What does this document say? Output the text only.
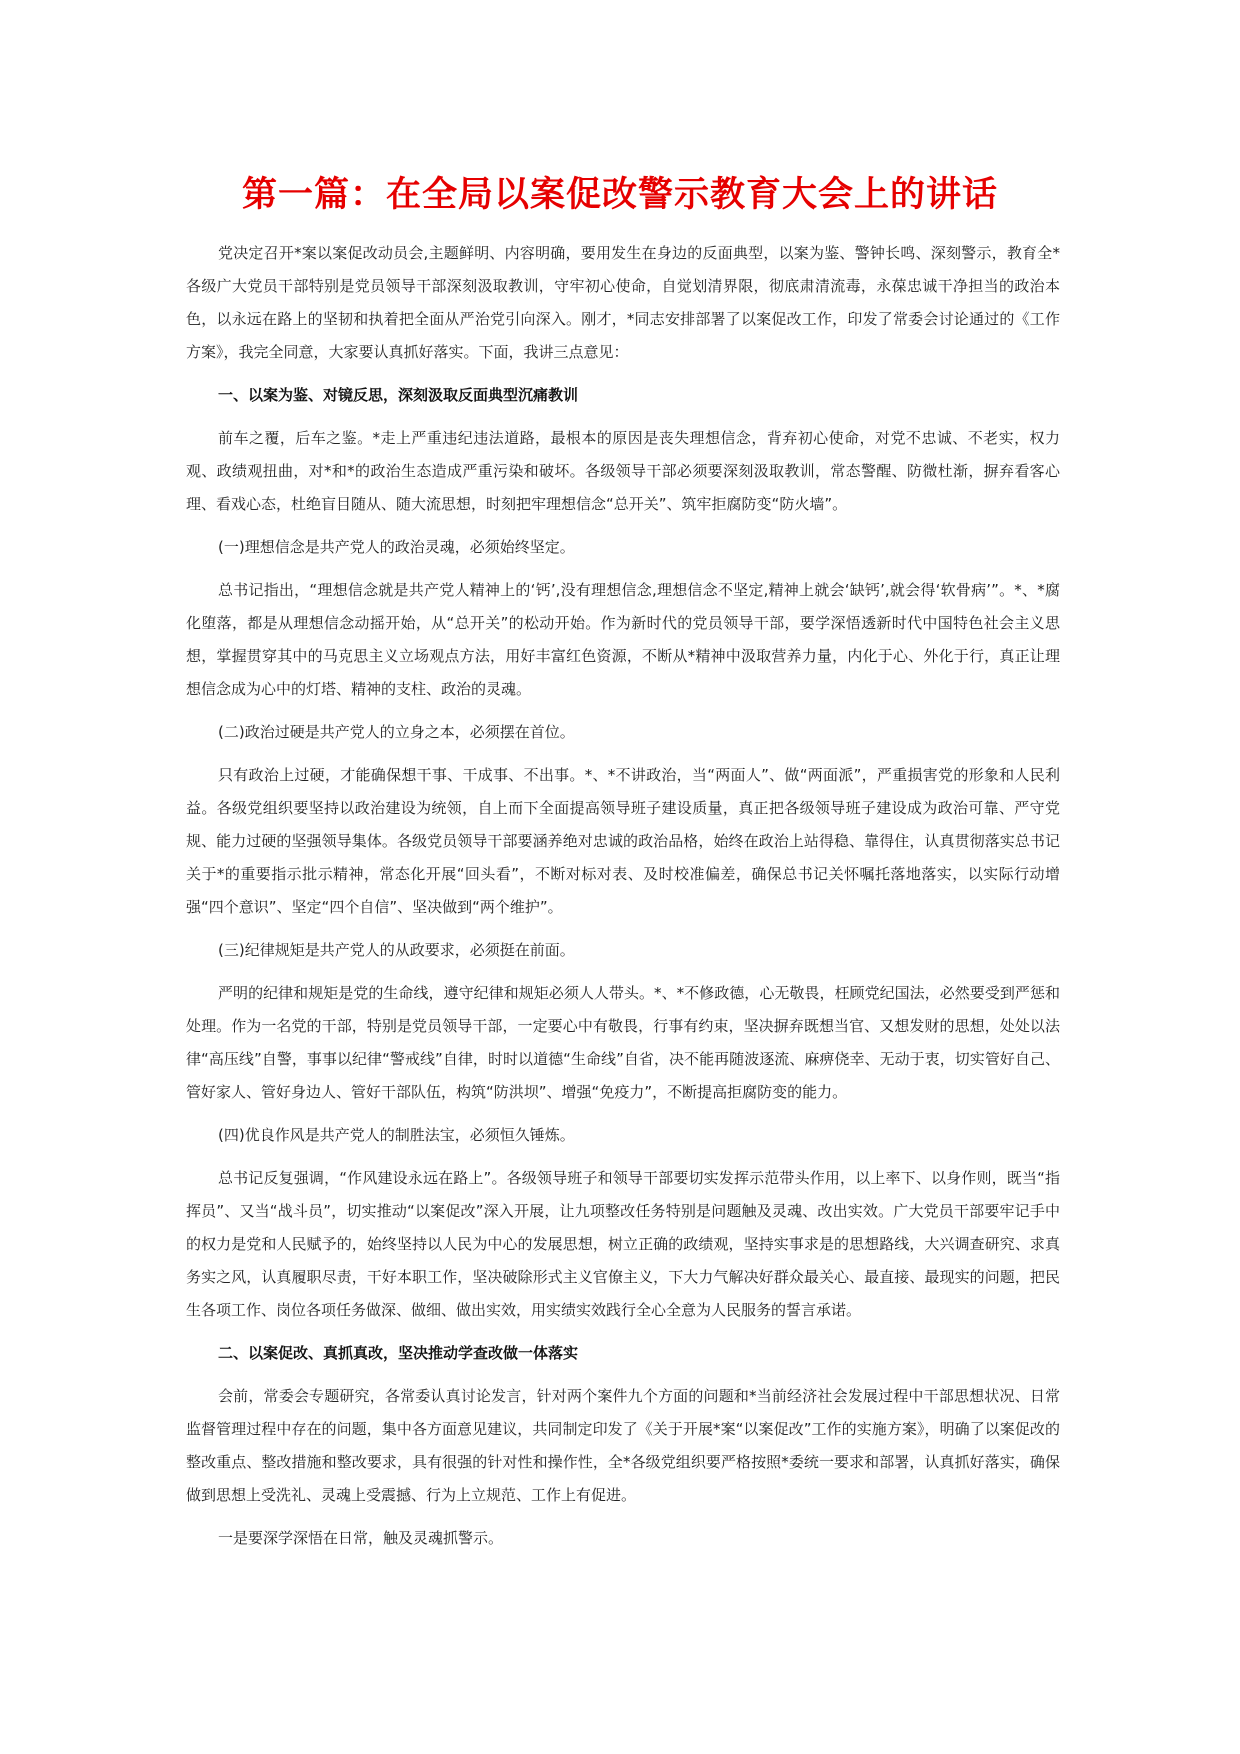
第一篇：在全局以案促改警示教育大会上的讲话

党决定召开*案以案促改动员会,主题鲜明、内容明确，要用发生在身边的反面典型，以案为鉴、警钟长鸣、深刻警示，教育全*各级广大党员干部特别是党员领导干部深刻汲取教训，守牢初心使命，自觉划清界限，彻底肃清流毒，永葆忠诚干净担当的政治本色，以永远在路上的坚韧和执着把全面从严治党引向深入。刚才，*同志安排部署了以案促改工作，印发了常委会讨论通过的《工作方案》，我完全同意，大家要认真抓好落实。下面，我讲三点意见：

一、以案为鉴、对镜反思，深刻汲取反面典型沉痛教训

前车之覆，后车之鉴。*走上严重违纪违法道路，最根本的原因是丧失理想信念，背弃初心使命，对党不忠诚、不老实，权力观、政绩观扭曲，对*和*的政治生态造成严重污染和破坏。各级领导干部必须要深刻汲取教训，常态警醒、防微杜渐，摒弃看客心理、看戏心态，杜绝盲目随从、随大流思想，时刻把牢理想信念“总开关”、筑牢拒腐防变“防火墙”。

(一)理想信念是共产党人的政治灵魂，必须始终坚定。

总书记指出，“理想信念就是共产党人精神上的‘钙’,没有理想信念,理想信念不坚定,精神上就会‘缺钙’,就会得‘软骨病’”。*、*腐化堕落，都是从理想信念动摇开始，从“总开关”的松动开始。作为新时代的党员领导干部，要学深悟透新时代中国特色社会主义思想，掌握贯穿其中的马克思主义立场观点方法，用好丰富红色资源，不断从*精神中汲取营养力量，内化于心、外化于行，真正让理想信念成为心中的灯塔、精神的支柱、政治的灵魂。

(二)政治过硬是共产党人的立身之本，必须摆在首位。

只有政治上过硬，才能确保想干事、干成事、不出事。*、*不讲政治，当“两面人”、做“两面派”，严重损害党的形象和人民利益。各级党组织要坚持以政治建设为统领，自上而下全面提高领导班子建设质量，真正把各级领导班子建设成为政治可靠、严守党规、能力过硬的坚强领导集体。各级党员领导干部要涵养绝对忠诚的政治品格，始终在政治上站得稳、靠得住，认真贯彻落实总书记关于*的重要指示批示精神，常态化开展“回头看”，不断对标对表、及时校准偏差，确保总书记关怀嘱托落地落实，以实际行动增强“四个意识”、坚定“四个自信”、坚决做到“两个维护”。

(三)纪律规矩是共产党人的从政要求，必须挺在前面。

严明的纪律和规矩是党的生命线，遵守纪律和规矩必须人人带头。*、*不修政德，心无敬畏，枉顾党纪国法，必然要受到严惩和处理。作为一名党的干部，特别是党员领导干部，一定要心中有敬畏，行事有约束，坚决摒弃既想当官、又想发财的思想，处处以法律“高压线”自警，事事以纪律“警戒线”自律，时时以道德“生命线”自省，决不能再随波逐流、麻痹侥幸、无动于衷，切实管好自己、管好家人、管好身边人、管好干部队伍，构筑“防洪坝”、增强“免疫力”，不断提高拒腐防变的能力。

(四)优良作风是共产党人的制胜法宝，必须恒久锤炼。

总书记反复强调，“作风建设永远在路上”。各级领导班子和领导干部要切实发挥示范带头作用，以上率下、以身作则，既当“指挥员”、又当“战斗员”，切实推动“以案促改”深入开展，让九项整改任务特别是问题触及灵魂、改出实效。广大党员干部要牢记手中的权力是党和人民赋予的，始终坚持以人民为中心的发展思想，树立正确的政绩观，坚持实事求是的思想路线，大兴调查研究、求真务实之风，认真履职尽责，干好本职工作，坚决破除形式主义官僚主义，下大力气解决好群众最关心、最直接、最现实的问题，把民生各项工作、岗位各项任务做深、做细、做出实效，用实绩实效践行全心全意为人民服务的誓言承诺。

二、以案促改、真抓真改，坚决推动学查改做一体落实

会前，常委会专题研究，各常委认真讨论发言，针对两个案件九个方面的问题和*当前经济社会发展过程中干部思想状况、日常监督管理过程中存在的问题，集中各方面意见建议，共同制定印发了《关于开展*案“以案促改”工作的实施方案》，明确了以案促改的整改重点、整改措施和整改要求，具有很强的针对性和操作性，全*各级党组织要严格按照*委统一要求和部署，认真抓好落实，确保做到思想上受洗礼、灵魂上受震撼、行为上立规范、工作上有促进。

一是要深学深悟在日常，触及灵魂抓警示。
